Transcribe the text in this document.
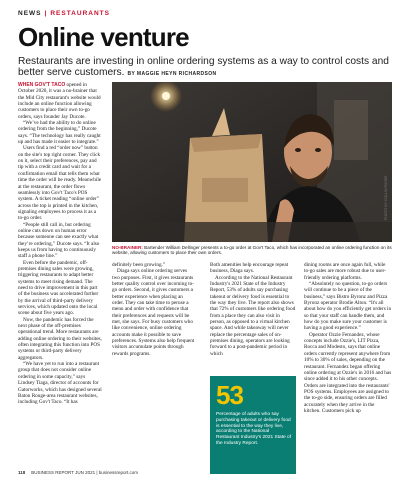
NEWS | RESTAURANTS
Online venture
Restaurants are investing in online ordering systems as a way to control costs and better serve customers. BY MAGGIE HEYN RICHARDSON

WHEN GOV'T TACO opened in October 2020, it was a no-brainer that the Mid City restaurant's website would include an online function allowing customers to place their own to-go orders, says founder Jay Ducote.

“We’ve had the ability to do online ordering from the beginning,” Ducote says. “The technology has really caught up and has made it easier to integrate.”

Users find a red “order now” button on the site's top right corner. They click on it, select their preferences, pay and tip with a credit card and wait for a confirmation email that tells them what time the order will be ready. Meanwhile at the restaurant, the order flows seamlessly into Gov't Taco's POS system. A ticket reading “online order” across the top is printed in the kitchen, signaling employees to process it as a to-go order.

“People still call in, but ordering online cuts down on human error because someone can see exactly what they’re ordering,” Ducote says. “It also keeps us from having to continuously staff a phone line.”

Even before the pandemic, off-premises dining sales were growing, triggering restaurants to adapt better systems to meet rising demand. The need to drive improvement in this part of the business was accelerated further by the arrival of third-party delivery services, which updated onto the local scene about five years ago.

Now, the pandemic has forced the next phase of the off-premises operational trend. More restaurants are adding online ordering to their websites, often integrating this function into POS systems or third-party delivery aggregators.

“We have yet to run into a restaurant group that does not consider online ordering in some capacity,” says Lindsey Tiaga, director of accounts for Gatorworks, which has designed several Baton Rouge-area restaurant websites, including Gov't Taco. “It has

PHOTO BY COLLIN RICHIE
NO-BRAINER: Bartender William Dellinger presents a to-go order at Gov't Taco, which has incorporated an online ordering function on its website, allowing customers to place their own orders.

definitely been growing.”

Diaga says online ordering serves two purposes. First, it gives restaurants better quality control over incoming to-go orders. Second, it gives customers a better experience when placing an order. They can take time to peruse a menu and order with confidence that their preferences and requests will be met, she says. For busy customers who like convenience, online ordering accounts make it possible to save preferences. Systems also help frequent visitors accumulate points through rewards programs.

Both amenities help encourage repeat business, Diaga says.

According to the National Restaurant Industry's 2021 State of the Industry Report, 53% of adults say purchasing takeout or delivery food is essential to the way they live. The report also shows that 72% of customers like ordering food from a place they can also visit in person, as opposed to a virtual kitchen space. And while takeaway will never replace the percentage sales of on-premises dining, operators are looking forward to a post-pandemic period in which

53
Percentage of adults who say purchasing takeout or delivery food is essential to the way they live, according to the National Restaurant Industry's 2021 State of the Industry Report.

dining rooms are once again full, while to-go sales are more robust due to user-friendly ordering platforms.

“Absolutely no question, to-go orders will continue to be a piece of the business,” says Bistro Byronz and Pizza Byronz operator Brodie Alton. “It's all about how do you efficiently get orders in so that your staff can handle them, and how do you make sure your customer is having a good experience.”

Operator Ozzie Fernandez, whose concepts include Ozzie's, LIT Pizza, Rocca and Modesto, says that online orders currently represent anywhere from 10% to 30% of sales, depending on the restaurant. Fernandez began offering online ordering at Ozzie's in 2016 and has since added it to his other concepts. Orders are integrated into the restaurants' POS systems. Employees are assigned to the to-go side, ensuring orders are filled accurately when they arrive in the kitchen. Customers pick up

118 BUSINESS REPORT JUN 2021 | businessreport.com
